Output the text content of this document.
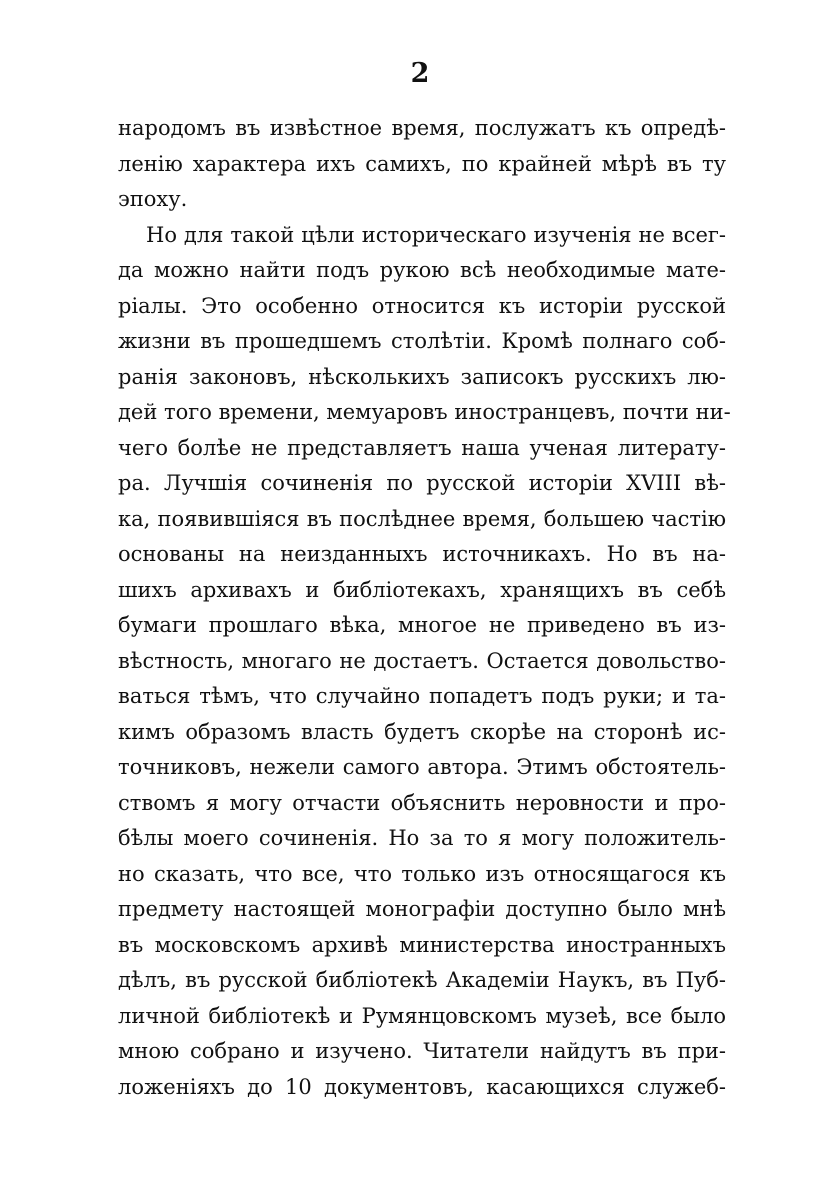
2
народомъ въ извѣстное время, послужатъ къ опредѣ-
ленію характера ихъ самихъ, по крайней мѣрѣ въ ту
эпоху.
Но для такой цѣли историческаго изученія не всег-
да можно найти подъ рукою всѣ необходимые мате-
ріалы. Это особенно относится къ исторіи русской
жизни въ прошедшемъ столѣтіи. Кромѣ полнаго соб-
ранія законовъ, нѣсколькихъ записокъ русскихъ лю-
дей того времени, мемуаровъ иностранцевъ, почти ни-
чего болѣе не представляетъ наша ученая литерату-
ра. Лучшія сочиненія по русской исторіи XVIII вѣ-
ка, появившіяся въ послѣднее время, большею частію
основаны на неизданныхъ источникахъ. Но въ на-
шихъ архивахъ и библіотекахъ, хранящихъ въ себѣ
бумаги прошлаго вѣка, многое не приведено въ из-
вѣстность, многаго не достаетъ. Остается довольство-
ваться тѣмъ, что случайно попадетъ подъ руки; и та-
кимъ образомъ власть будетъ скорѣе на сторонѣ ис-
точниковъ, нежели самого автора. Этимъ обстоятель-
ствомъ я могу отчасти объяснить неровности и про-
бѣлы моего сочиненія. Но за то я могу положитель-
но сказать, что все, что только изъ относящагося къ
предмету настоящей монографіи доступно было мнѣ
въ московскомъ архивѣ министерства иностранныхъ
дѣлъ, въ русской библіотекѣ Академіи Наукъ, въ Пуб-
личной библіотекѣ и Румянцовскомъ музеѣ, все было
мною собрано и изучено. Читатели найдутъ въ при-
ложеніяхъ до 10 документовъ, касающихся служеб-
